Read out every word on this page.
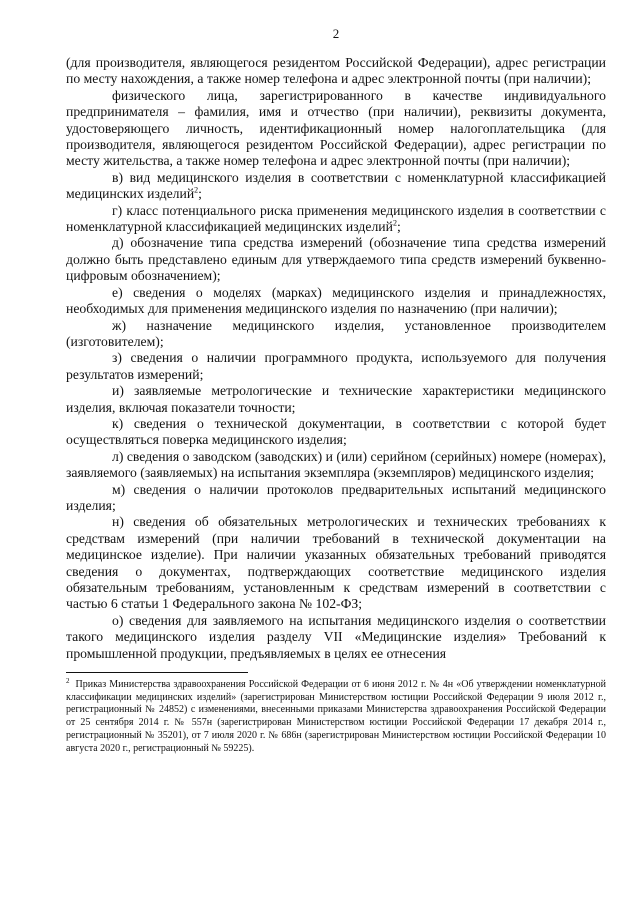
2

(для производителя, являющегося резидентом Российской Федерации), адрес регистрации по месту нахождения, а также номер телефона и адрес электронной почты (при наличии);

физического лица, зарегистрированного в качестве индивидуального предпринимателя – фамилия, имя и отчество (при наличии), реквизиты документа, удостоверяющего личность, идентификационный номер налогоплательщика (для производителя, являющегося резидентом Российской Федерации), адрес регистрации по месту жительства, а также номер телефона и адрес электронной почты (при наличии);

в) вид медицинского изделия в соответствии с номенклатурной классификацией медицинских изделий$^2$;

г) класс потенциального риска применения медицинского изделия в соответствии с номенклатурной классификацией медицинских изделий$^2$;

д) обозначение типа средства измерений (обозначение типа средства измерений должно быть представлено единым для утверждаемого типа средств измерений буквенно-цифровым обозначением);

е) сведения о моделях (марках) медицинского изделия и принадлежностях, необходимых для применения медицинского изделия по назначению (при наличии);

ж) назначение медицинского изделия, установленное производителем (изготовителем);

з) сведения о наличии программного продукта, используемого для получения результатов измерений;

и) заявляемые метрологические и технические характеристики медицинского изделия, включая показатели точности;

к) сведения о технической документации, в соответствии с которой будет осуществляться поверка медицинского изделия;

л) сведения о заводском (заводских) и (или) серийном (серийных) номере (номерах), заявляемого (заявляемых) на испытания экземпляра (экземпляров) медицинского изделия;

м) сведения о наличии протоколов предварительных испытаний медицинского изделия;

н) сведения об обязательных метрологических и технических требованиях к средствам измерений (при наличии требований в технической документации на медицинское изделие). При наличии указанных обязательных требований приводятся сведения о документах, подтверждающих соответствие медицинского изделия обязательным требованиям, установленным к средствам измерений в соответствии с частью 6 статьи 1 Федерального закона № 102-ФЗ;

о) сведения для заявляемого на испытания медицинского изделия о соответствии такого медицинского изделия разделу VII «Медицинские изделия» Требований к промышленной продукции, предъявляемых в целях ее отнесения

$^2$ Приказ Министерства здравоохранения Российской Федерации от 6 июня 2012 г. № 4н «Об утверждении номенклатурной классификации медицинских изделий» (зарегистрирован Министерством юстиции Российской Федерации 9 июля 2012 г., регистрационный № 24852) с изменениями, внесенными приказами Министерства здравоохранения Российской Федерации от 25 сентября 2014 г. № 557н (зарегистрирован Министерством юстиции Российской Федерации 17 декабря 2014 г., регистрационный № 35201), от 7 июля 2020 г. № 686н (зарегистрирован Министерством юстиции Российской Федерации 10 августа 2020 г., регистрационный № 59225).
